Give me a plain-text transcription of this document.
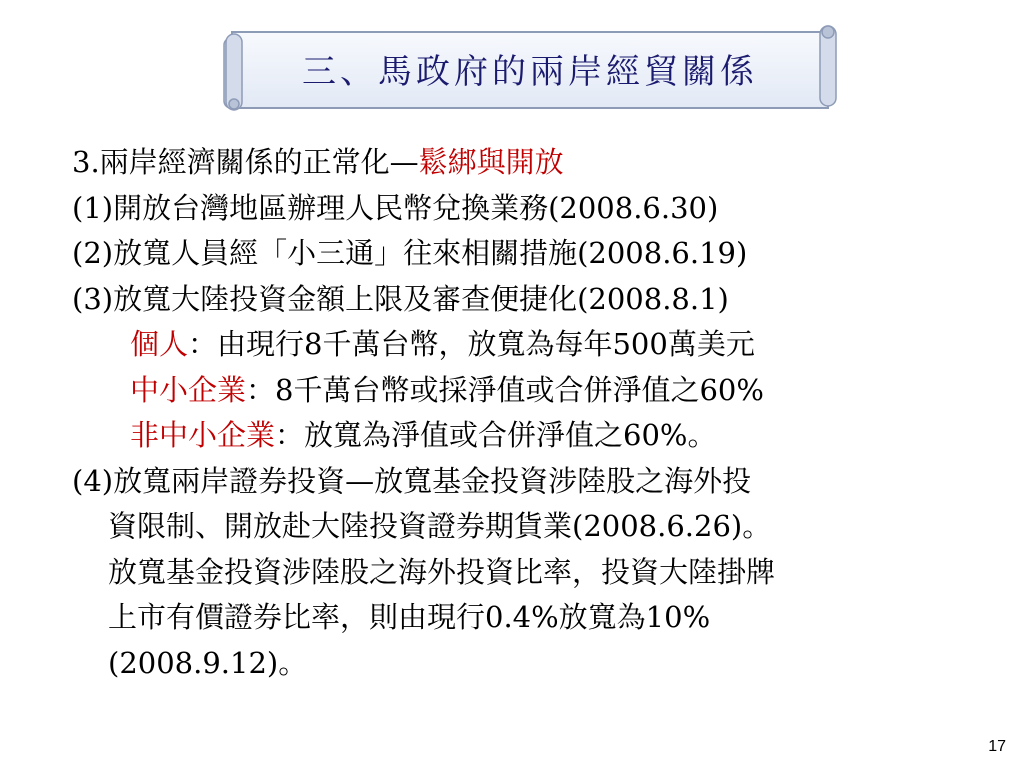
三、馬政府的兩岸經貿關係
3.兩岸經濟關係的正常化—鬆綁與開放
(1)開放台灣地區辦理人民幣兌換業務(2008.6.30)
(2)放寬人員經「小三通」往來相關措施(2008.6.19)
(3)放寬大陸投資金額上限及審查便捷化(2008.8.1)
個人：由現行8千萬台幣，放寬為每年500萬美元
中小企業：8千萬台幣或採淨值或合併淨值之60%
非中小企業：放寬為淨值或合併淨值之60%。
(4)放寬兩岸證券投資—放寬基金投資涉陸股之海外投
資限制、開放赴大陸投資證券期貨業(2008.6.26)。
放寬基金投資涉陸股之海外投資比率，投資大陸掛牌
上市有價證券比率，則由現行0.4%放寬為10%
(2008.9.12)。
17
